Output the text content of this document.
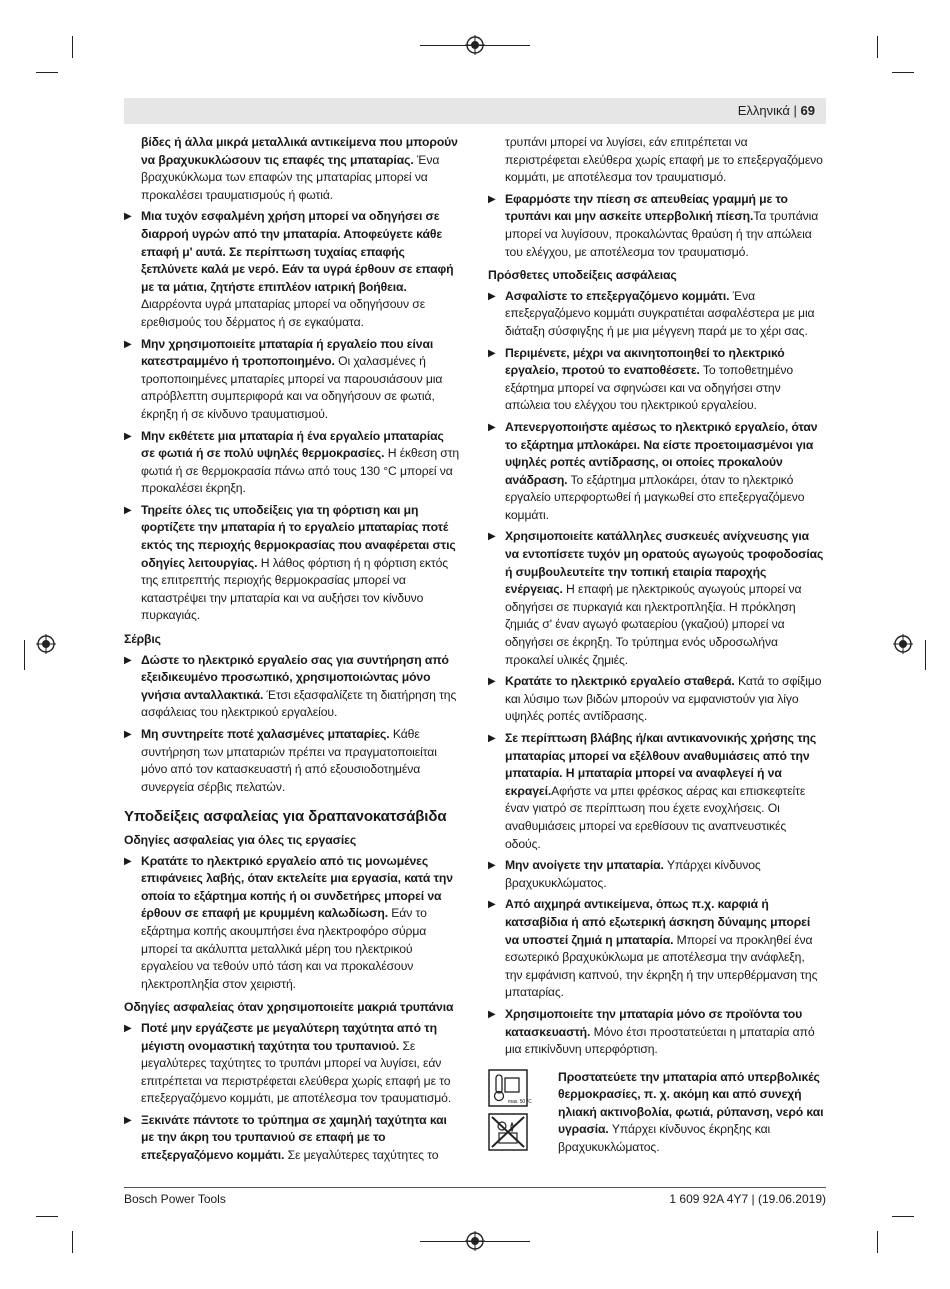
Ελληνικά | 69
βίδες ή άλλα μικρά μεταλλικά αντικείμενα που μπορούν να βραχυκυκλώσουν τις επαφές της μπαταρίας. Ένα βραχυκύκλωμα των επαφών της μπαταρίας μπορεί να προκαλέσει τραυματισμούς ή φωτιά.
▶ Μια τυχόν εσφαλμένη χρήση μπορεί να οδηγήσει σε διαρροή υγρών από την μπαταρία. Αποφεύγετε κάθε επαφή μ' αυτά. Σε περίπτωση τυχαίας επαφής ξεπλύνετε καλά με νερό. Εάν τα υγρά έρθουν σε επαφή με τα μάτια, ζητήστε επιπλέον ιατρική βοήθεια. Διαρρέοντα υγρά μπαταρίας μπορεί να οδηγήσουν σε ερεθισμούς του δέρματος ή σε εγκαύματα.
▶ Μην χρησιμοποιείτε μπαταρία ή εργαλείο που είναι κατεστραμμένο ή τροποποιημένο. Οι χαλασμένες ή τροποποιημένες μπαταρίες μπορεί να παρουσιάσουν μια απρόβλεπτη συμπεριφορά και να οδηγήσουν σε φωτιά, έκρηξη ή σε κίνδυνο τραυματισμού.
▶ Μην εκθέτετε μια μπαταρία ή ένα εργαλείο μπαταρίας σε φωτιά ή σε πολύ υψηλές θερμοκρασίες. Η έκθεση στη φωτιά ή σε θερμοκρασία πάνω από τους 130 °C μπορεί να προκαλέσει έκρηξη.
▶ Τηρείτε όλες τις υποδείξεις για τη φόρτιση και μη φορτίζετε την μπαταρία ή το εργαλείο μπαταρίας ποτέ εκτός της περιοχής θερμοκρασίας που αναφέρεται στις οδηγίες λειτουργίας. Η λάθος φόρτιση ή η φόρτιση εκτός της επιτρεπτής περιοχής θερμοκρασίας μπορεί να καταστρέψει την μπαταρία και να αυξήσει τον κίνδυνο πυρκαγιάς.
Σέρβις
▶ Δώστε το ηλεκτρικό εργαλείο σας για συντήρηση από εξειδικευμένο προσωπικό, χρησιμοποιώντας μόνο γνήσια ανταλλακτικά. Έτσι εξασφαλίζετε τη διατήρηση της ασφάλειας του ηλεκτρικού εργαλείου.
▶ Μη συντηρείτε ποτέ χαλασμένες μπαταρίες. Κάθε συντήρηση των μπαταριών πρέπει να πραγματοποιείται μόνο από τον κατασκευαστή ή από εξουσιοδοτημένα συνεργεία σέρβις πελατών.
Υποδείξεις ασφαλείας για δραπανοκατσάβιδα
Οδηγίες ασφαλείας για όλες τις εργασίες
▶ Κρατάτε το ηλεκτρικό εργαλείο από τις μονωμένες επιφάνειες λαβής, όταν εκτελείτε μια εργασία, κατά την οποία το εξάρτημα κοπής ή οι συνδετήρες μπορεί να έρθουν σε επαφή με κρυμμένη καλωδίωση. Εάν το εξάρτημα κοπής ακουμπήσει ένα ηλεκτροφόρο σύρμα μπορεί τα ακάλυπτα μεταλλικά μέρη του ηλεκτρικού εργαλείου να τεθούν υπό τάση και να προκαλέσουν ηλεκτροπληξία στον χειριστή.
Οδηγίες ασφαλείας όταν χρησιμοποιείτε μακριά τρυπάνια
▶ Ποτέ μην εργάζεστε με μεγαλύτερη ταχύτητα από τη μέγιστη ονομαστική ταχύτητα του τρυπανιού. Σε μεγαλύτερες ταχύτητες το τρυπάνι μπορεί να λυγίσει, εάν επιτρέπεται να περιστρέφεται ελεύθερα χωρίς επαφή με το επεξεργαζόμενο κομμάτι, με αποτέλεσμα τον τραυματισμό.
▶ Ξεκινάτε πάντοτε το τρύπημα σε χαμηλή ταχύτητα και με την άκρη του τρυπανιού σε επαφή με το επεξεργαζόμενο κομμάτι. Σε μεγαλύτερες ταχύτητες το
τρυπάνι μπορεί να λυγίσει, εάν επιτρέπεται να περιστρέφεται ελεύθερα χωρίς επαφή με το επεξεργαζόμενο κομμάτι, με αποτέλεσμα τον τραυματισμό.
▶ Εφαρμόστε την πίεση σε απευθείας γραμμή με το τρυπάνι και μην ασκείτε υπερβολική πίεση.Τα τρυπάνια μπορεί να λυγίσουν, προκαλώντας θραύση ή την απώλεια του ελέγχου, με αποτέλεσμα τον τραυματισμό.
Πρόσθετες υποδείξεις ασφάλειας
▶ Ασφαλίστε το επεξεργαζόμενο κομμάτι. Ένα επεξεργαζόμενο κομμάτι συγκρατιέται ασφαλέστερα με μια διάταξη σύσφιγξης ή με μια μέγγενη παρά με το χέρι σας.
▶ Περιμένετε, μέχρι να ακινητοποιηθεί το ηλεκτρικό εργαλείο, προτού το εναποθέσετε. Το τοποθετημένο εξάρτημα μπορεί να σφηνώσει και να οδηγήσει στην απώλεια του ελέγχου του ηλεκτρικού εργαλείου.
▶ Απενεργοποιήστε αμέσως το ηλεκτρικό εργαλείο, όταν το εξάρτημα μπλοκάρει. Να είστε προετοιμασμένοι για υψηλές ροπές αντίδρασης, οι οποίες προκαλούν ανάδραση. Το εξάρτημα μπλοκάρει, όταν το ηλεκτρικό εργαλείο υπερφορτωθεί ή μαγκωθεί στο επεξεργαζόμενο κομμάτι.
▶ Χρησιμοποιείτε κατάλληλες συσκευές ανίχνευσης για να εντοπίσετε τυχόν μη ορατούς αγωγούς τροφοδοσίας ή συμβουλευτείτε την τοπική εταιρία παροχής ενέργειας. Η επαφή με ηλεκτρικούς αγωγούς μπορεί να οδηγήσει σε πυρκαγιά και ηλεκτροπληξία. Η πρόκληση ζημιάς σ' έναν αγωγό φωταερίου (γκαζιού) μπορεί να οδηγήσει σε έκρηξη. Το τρύπημα ενός υδροσωλήνα προκαλεί υλικές ζημιές.
▶ Κρατάτε το ηλεκτρικό εργαλείο σταθερά. Κατά το σφίξιμο και λύσιμο των βιδών μπορούν να εμφανιστούν για λίγο υψηλές ροπές αντίδρασης.
▶ Σε περίπτωση βλάβης ή/και αντικανονικής χρήσης της μπαταρίας μπορεί να εξέλθουν αναθυμιάσεις από την μπαταρία. Η μπαταρία μπορεί να αναφλεγεί ή να εκραγεί.Αφήστε να μπει φρέσκος αέρας και επισκεφτείτε έναν γιατρό σε περίπτωση που έχετε ενοχλήσεις. Οι αναθυμιάσεις μπορεί να ερεθίσουν τις αναπνευστικές οδούς.
▶ Μην ανοίγετε την μπαταρία. Υπάρχει κίνδυνος βραχυκυκλώματος.
▶ Από αιχμηρά αντικείμενα, όπως π.χ. καρφιά ή κατσαβίδια ή από εξωτερική άσκηση δύναμης μπορεί να υποστεί ζημιά η μπαταρία. Μπορεί να προκληθεί ένα εσωτερικό βραχυκύκλωμα με αποτέλεσμα την ανάφλεξη, την εμφάνιση καπνού, την έκρηξη ή την υπερθέρμανση της μπαταρίας.
▶ Χρησιμοποιείτε την μπαταρία μόνο σε προϊόντα του κατασκευαστή. Μόνο έτσι προστατεύεται η μπαταρία από μια επικίνδυνη υπερφόρτιση.
max. 50 °C
Προστατεύετε την μπαταρία από υπερβολικές θερμοκρασίες, π. χ. ακόμη και από συνεχή ηλιακή ακτινοβολία, φωτιά, ρύπανση, νερό και υγρασία. Υπάρχει κίνδυνος έκρηξης και βραχυκυκλώματος.
Bosch Power Tools	1 609 92A 4Y7 | (19.06.2019)
